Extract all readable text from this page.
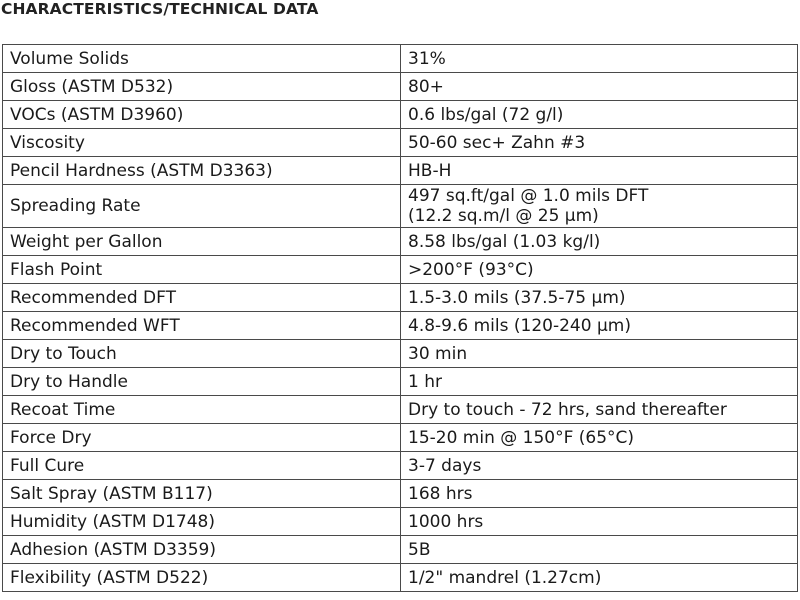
CHARACTERISTICS/TECHNICAL DATA
Volume Solids	31%

Gloss (ASTM D532)	80+

VOCs (ASTM D3960)	0.6 lbs/gal (72 g/l)

Viscosity	50-60 sec+ Zahn #3

Pencil Hardness (ASTM D3363)	HB-H

Spreading Rate	497 sq.ft/gal @ 1.0 mils DFT
(12.2 sq.m/l @ 25 µm)

Weight per Gallon	8.58 lbs/gal (1.03 kg/l)

Flash Point	>200°F (93°C)

Recommended DFT	1.5-3.0 mils (37.5-75 µm)

Recommended WFT	4.8-9.6 mils (120-240 µm)

Dry to Touch	30 min

Dry to Handle	1 hr

Recoat Time	Dry to touch - 72 hrs, sand thereafter

Force Dry	15-20 min @ 150°F (65°C)

Full Cure	3-7 days

Salt Spray (ASTM B117)	168 hrs

Humidity (ASTM D1748)	1000 hrs

Adhesion (ASTM D3359)	5B

Flexibility (ASTM D522)	1/2" mandrel (1.27cm)
